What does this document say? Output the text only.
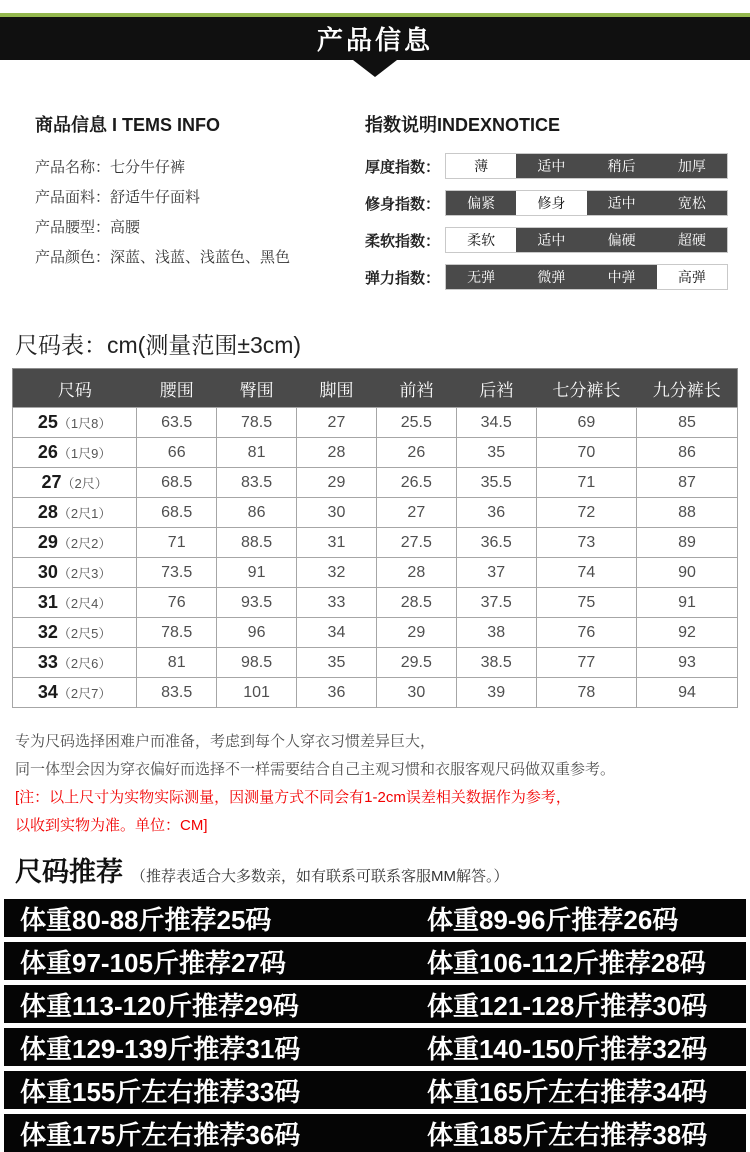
产品信息
商品信息 I TEMS INFO
产品名称：七分牛仔裤
产品面料：舒适牛仔面料
产品腰型：高腰
产品颜色：深蓝、浅蓝、浅蓝色、黑色
指数说明INDEXNOTICE
厚度指数：	薄	适中	稍后	加厚
修身指数：	偏紧	修身	适中	宽松
柔软指数：	柔软	适中	偏硬	超硬
弹力指数：	无弹	微弹	中弹	高弹
尺码表：cm(测量范围±3cm)
尺码	腰围	臀围	脚围	前裆	后裆	七分裤长	九分裤长
25（1尺8）	63.5	78.5	27	25.5	34.5	69	85
26（1尺9）	66	81	28	26	35	70	86
27（2尺）	68.5	83.5	29	26.5	35.5	71	87
28（2尺1）	68.5	86	30	27	36	72	88
29（2尺2）	71	88.5	31	27.5	36.5	73	89
30（2尺3）	73.5	91	32	28	37	74	90
31（2尺4）	76	93.5	33	28.5	37.5	75	91
32（2尺5）	78.5	96	34	29	38	76	92
33（2尺6）	81	98.5	35	29.5	38.5	77	93
34（2尺7）	83.5	101	36	30	39	78	94

专为尺码选择困难户而准备，考虑到每个人穿衣习惯差异巨大，

同一体型会因为穿衣偏好而选择不一样需要结合自己主观习惯和衣服客观尺码做双重参考。

[注：以上尺寸为实物实际测量，因测量方式不同会有1-2cm误差相关数据作为参考，

以收到实物为准。单位：CM]

尺码推荐 （推荐表适合大多数亲，如有联系可联系客服MM解答。）
体重80-88斤推荐25码	体重89-96斤推荐26码
体重97-105斤推荐27码	体重106-112斤推荐28码
体重113-120斤推荐29码	体重121-128斤推荐30码
体重129-139斤推荐31码	体重140-150斤推荐32码
体重155斤左右推荐33码	体重165斤左右推荐34码
体重175斤左右推荐36码	体重185斤左右推荐38码
